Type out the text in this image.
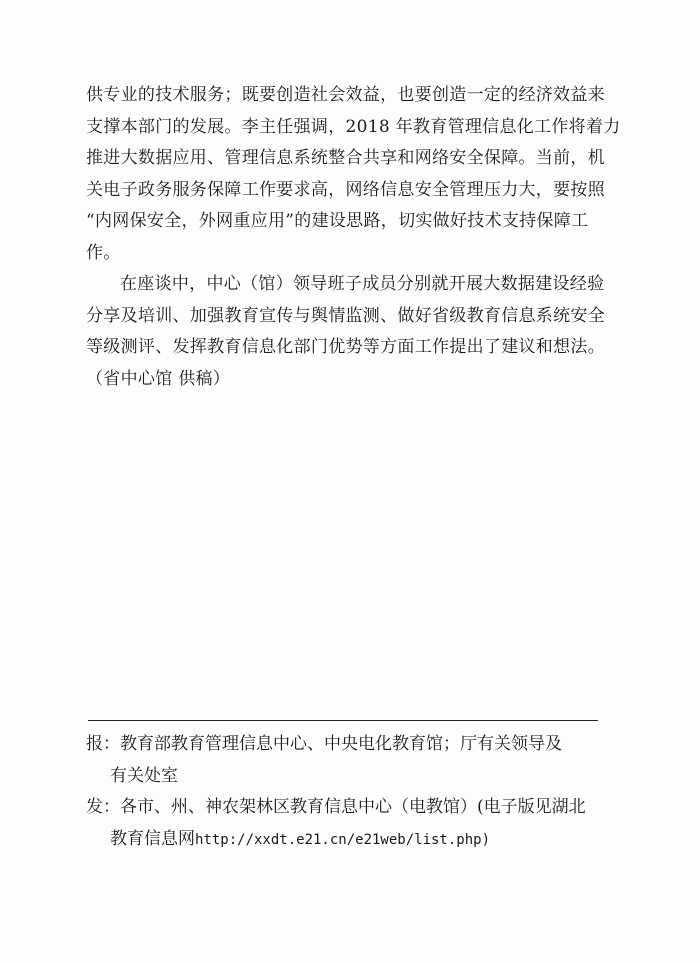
供专业的技术服务；既要创造社会效益，也要创造一定的经济效益来
支撑本部门的发展。李主任强调，2018 年教育管理信息化工作将着力
推进大数据应用、管理信息系统整合共享和网络安全保障。当前，机
关电子政务服务保障工作要求高，网络信息安全管理压力大，要按照
“内网保安全，外网重应用”的建设思路，切实做好技术支持保障工
作。
在座谈中，中心（馆）领导班子成员分别就开展大数据建设经验
分享及培训、加强教育宣传与舆情监测、做好省级教育信息系统安全
等级测评、发挥教育信息化部门优势等方面工作提出了建议和想法。
（省中心馆 供稿）
报：教育部教育管理信息中心、中央电化教育馆；厅有关领导及
有关处室
发：各市、州、神农架林区教育信息中心（电教馆）(电子版见湖北
教育信息网http://xxdt.e21.cn/e21web/list.php)
